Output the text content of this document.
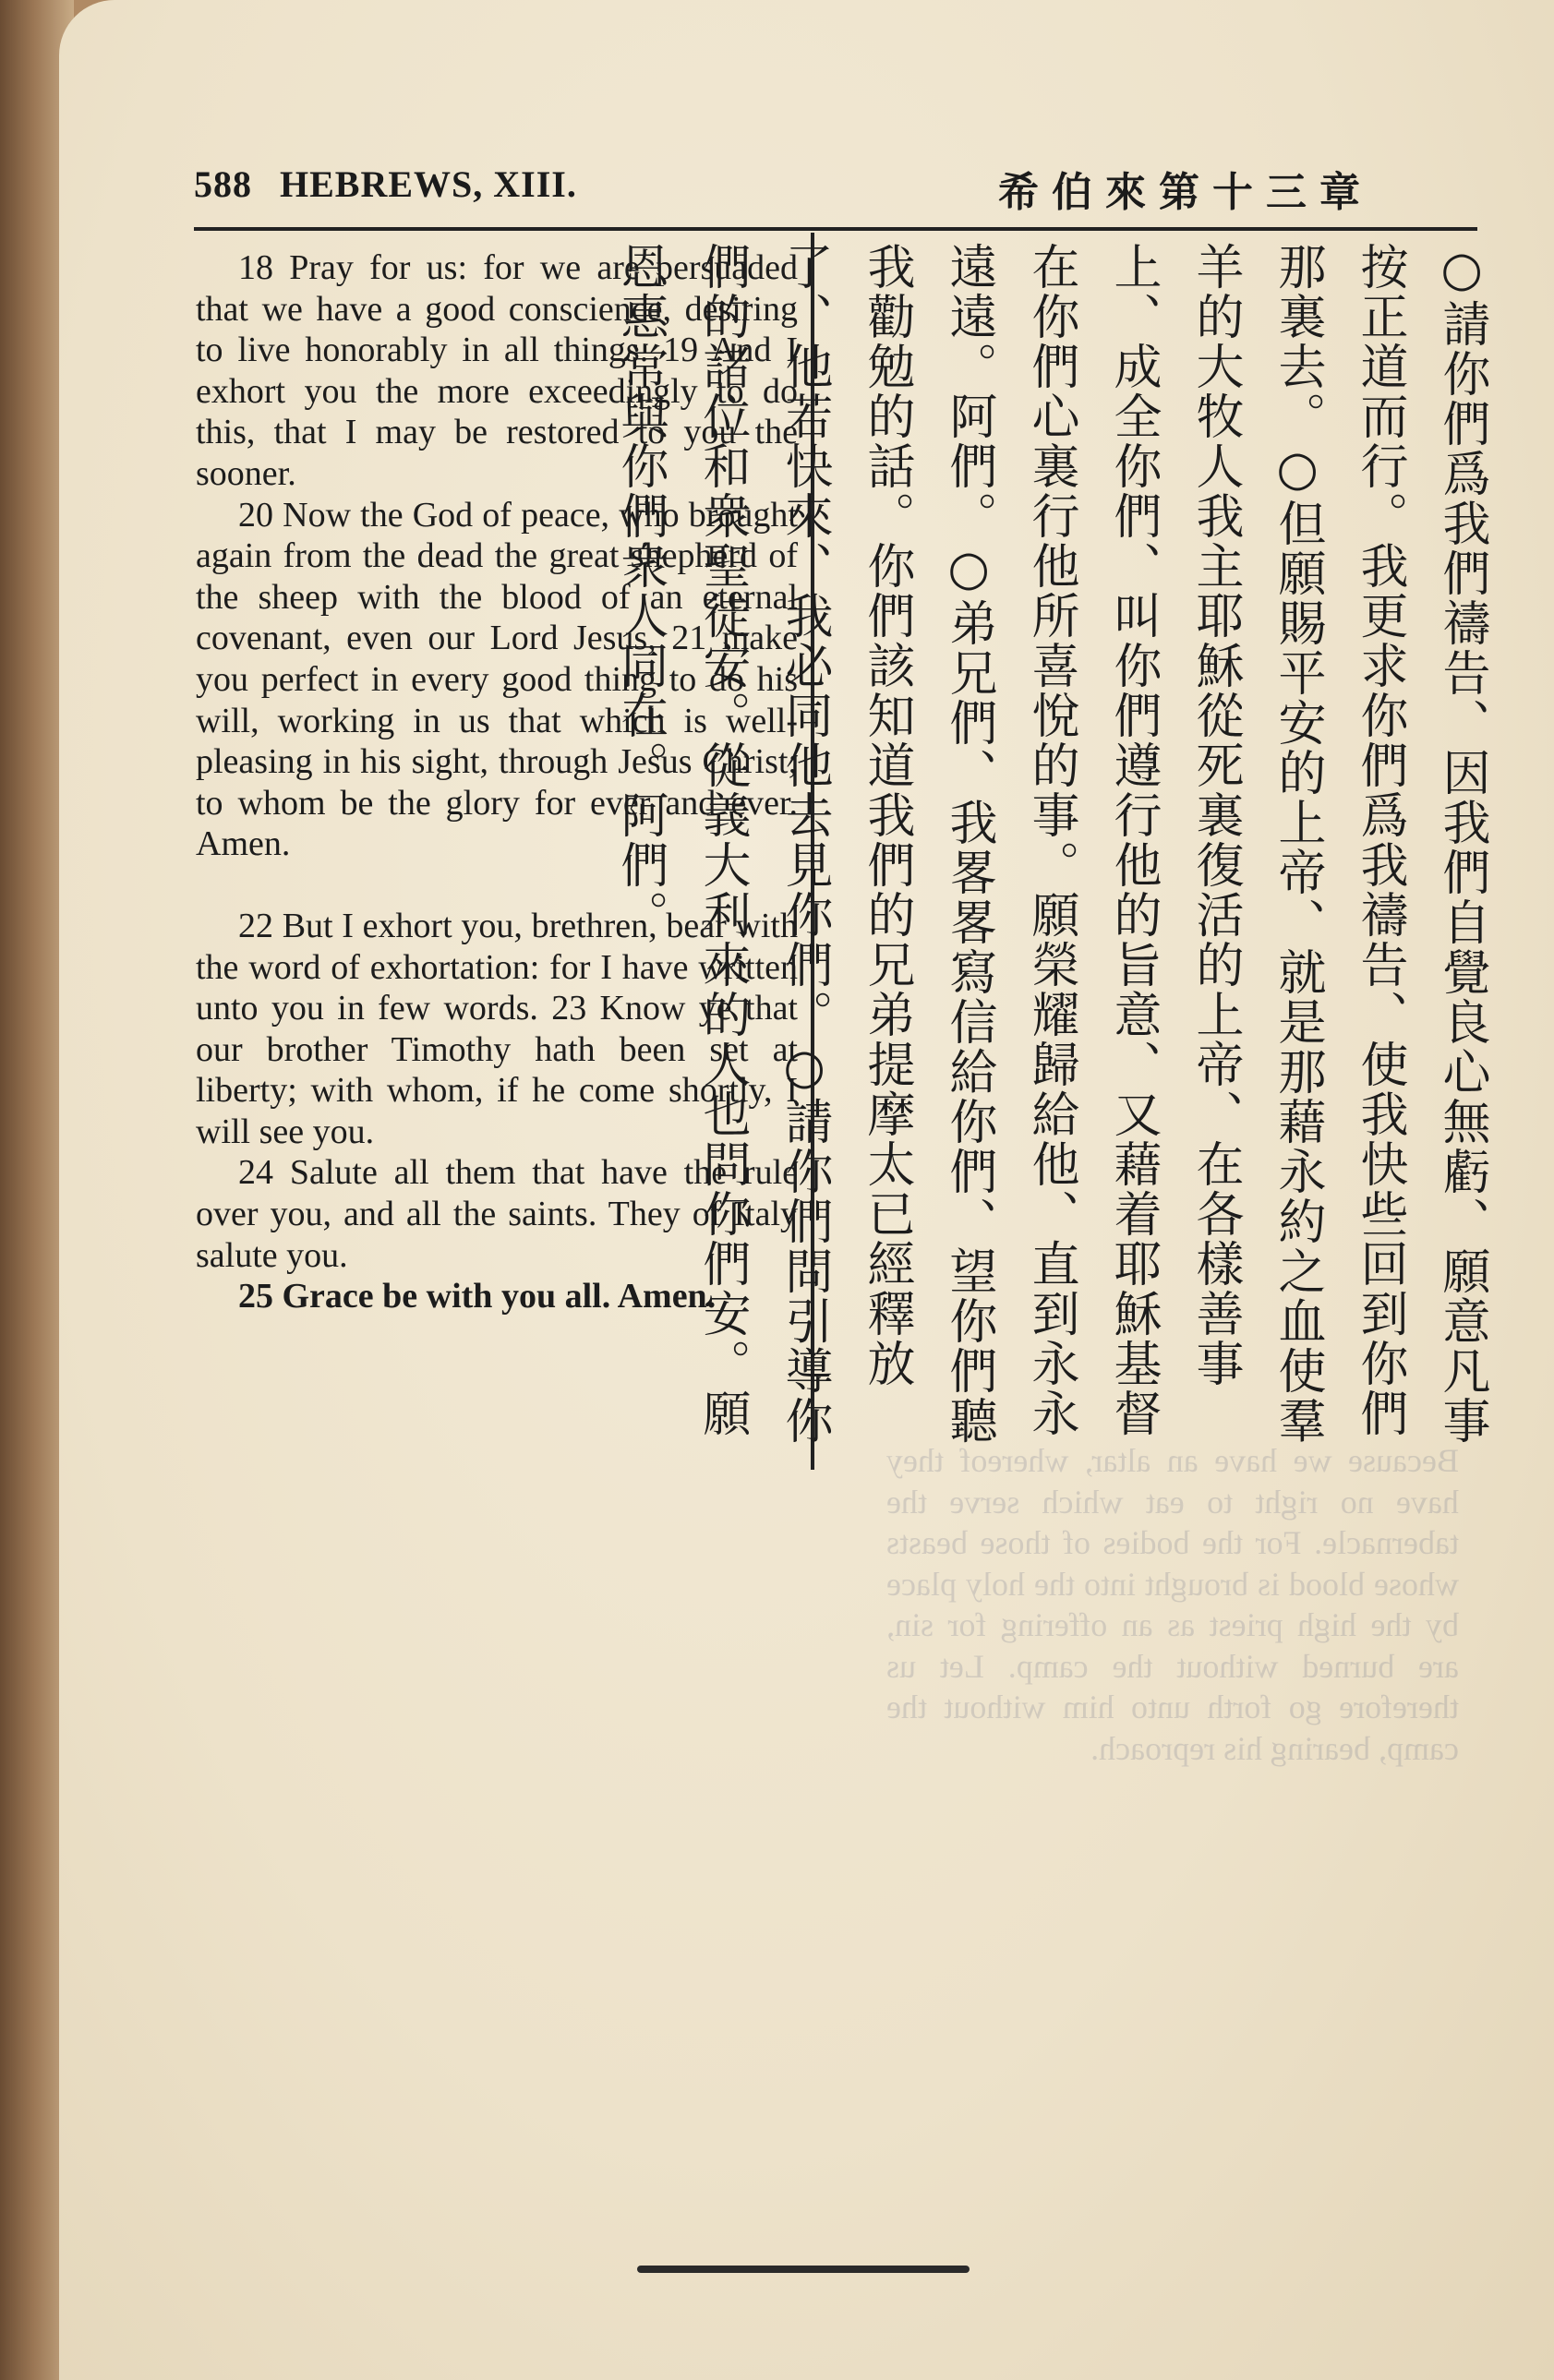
588 HEBREWS, XIII.	希伯來第十三章

18 Pray for us: for we are persuaded that we have a good conscience, desiring to live honorably in all things. 19 And I exhort you the more exceedingly to do this, that I may be restored to you the sooner.

20 Now the God of peace, who brought again from the dead the great shepherd of the sheep with the blood of an eternal covenant, even our Lord Jesus, 21 make you perfect in every good thing to do his will, working in us that which is well-pleasing in his sight, through Jesus Christ; to whom be the glory for ever and ever. Amen.

22 But I exhort you, brethren, bear with the word of exhortation: for I have written unto you in few words. 23 Know ye that our brother Timothy hath been set at liberty; with whom, if he come shortly, I will see you.

24 Salute all them that have the rule over you, and all the saints. They of Italy salute you.

25 Grace be with you all. Amen.	○請你們爲我們禱告、因我們自覺良心無虧、願意凡事按正道而行。我更求你們爲我禱告、使我快些回到你們那裏去。○但願賜平安的上帝、就是那藉永約之血使羣羊的大牧人我主耶穌從死裏復活的上帝、在各樣善事上、成全你們、叫你們遵行他的旨意、又藉着耶穌基督在你們心裏行他所喜悅的事。願榮耀歸給他、直到永永遠遠。阿們。○弟兄們、我畧畧寫信給你們、望你們聽我勸勉的話。你們該知道我們的兄弟提摩太已經釋放了、他若快來、我必同他去見你們。○請你們問引導你們的諸位和衆聖徒安。從義大利來的人也問你們安。願恩惠常與你們衆人同在。阿們。
Because we have an altar, whereof they have no right to eat which serve the tabernacle. For the bodies of those beasts whose blood is brought into the holy place by the high priest as an offering for sin, are burned without the camp. Let us therefore go forth unto him without the camp, bearing his reproach.
